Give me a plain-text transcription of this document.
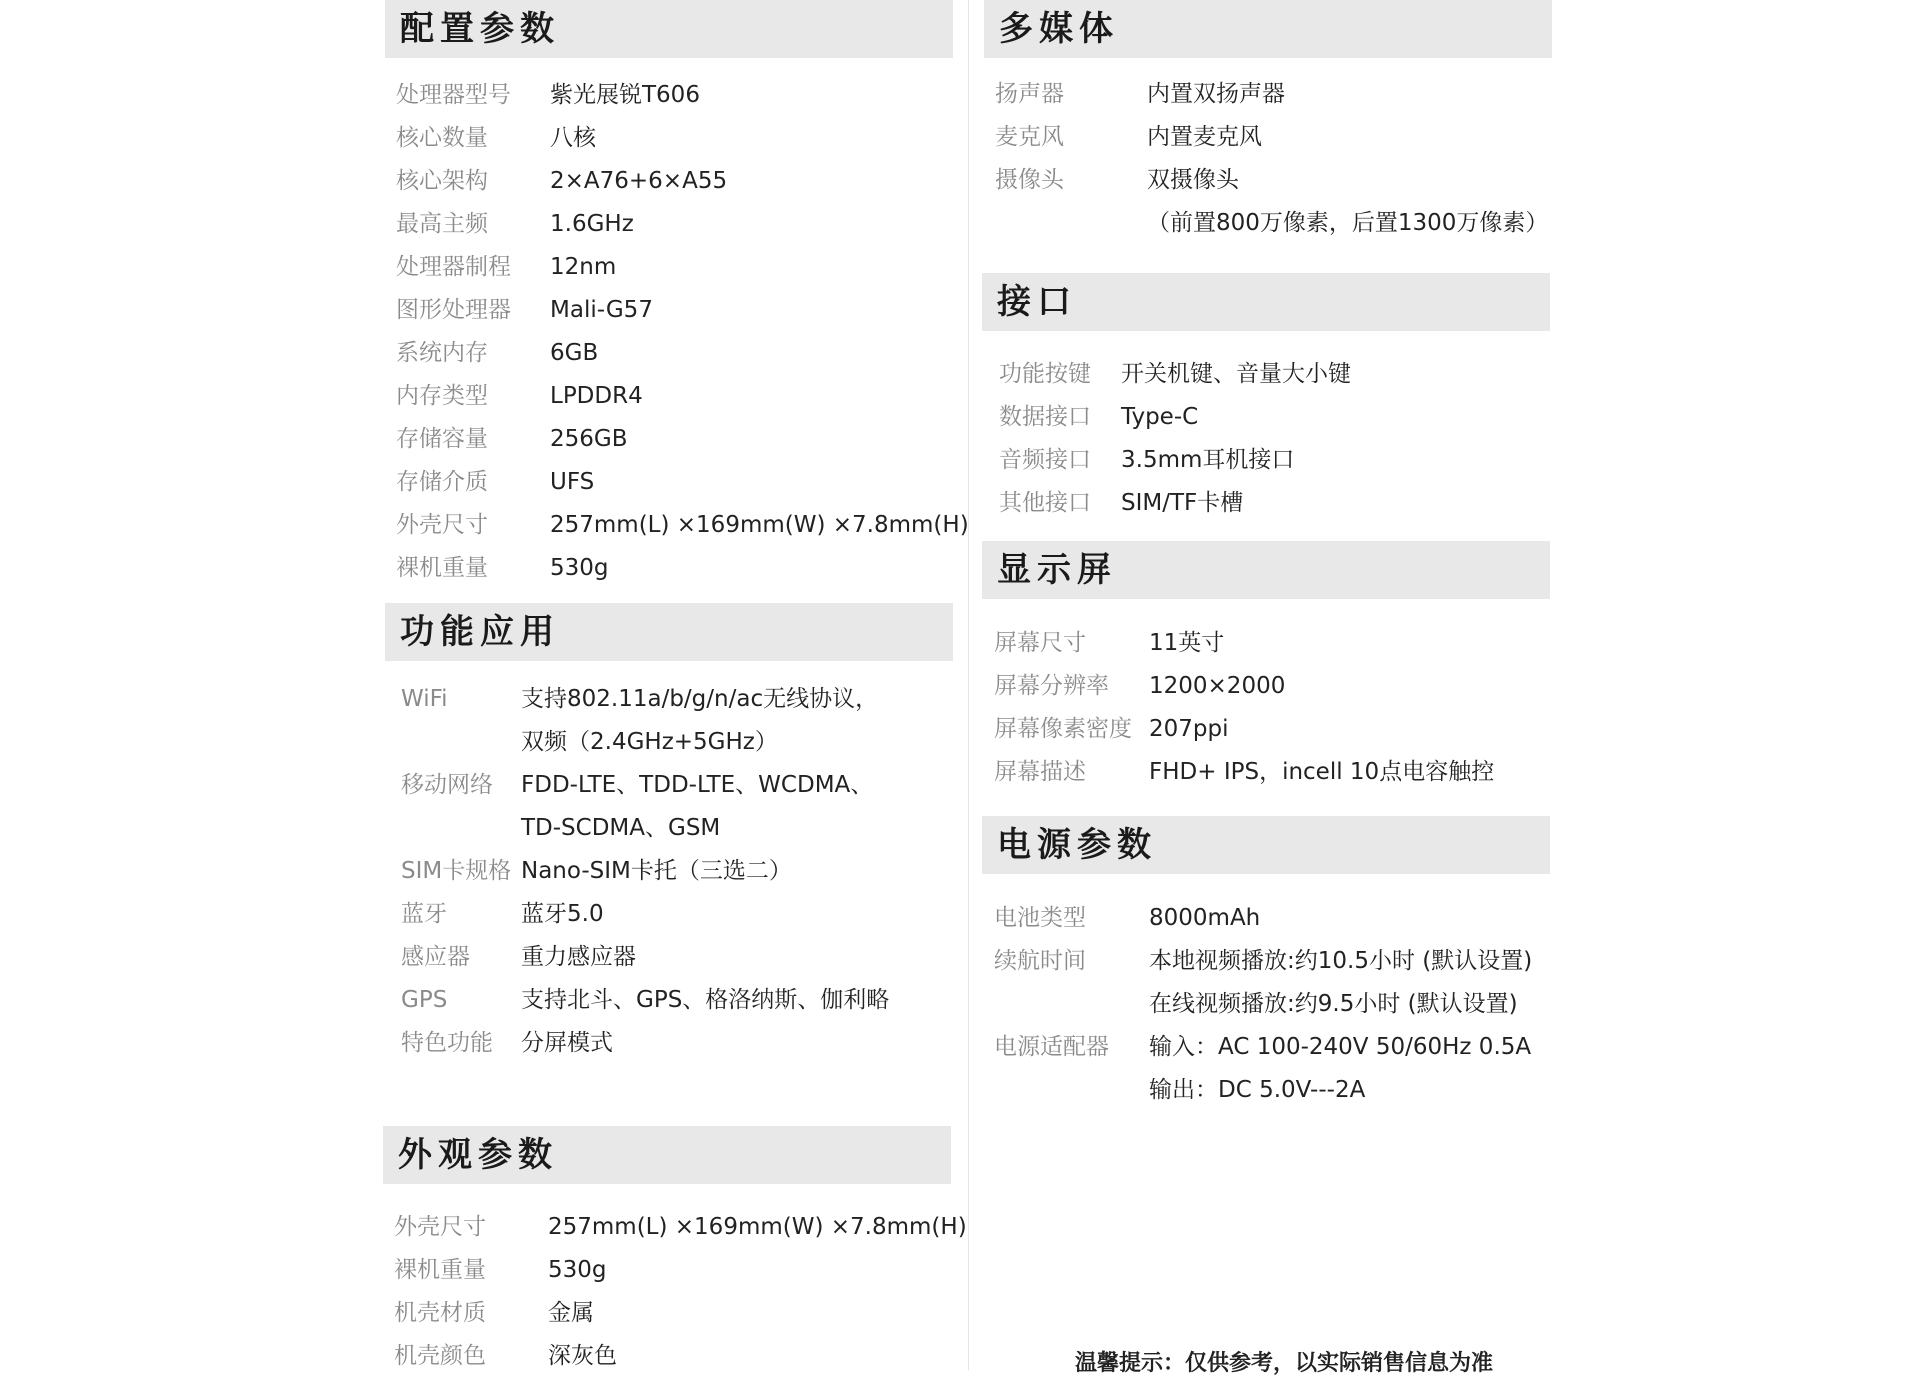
配置参数
处理器型号 紫光展锐T606
核心数量	八核
核心架构	2×A76+6×A55
最高主频	1.6GHz
处理器制程 12nm
图形处理器 Mali-G57
系统内存	6GB
内存类型	LPDDR4
存储容量	256GB
存储介质	UFS
外壳尺寸	257mm(L) ×169mm(W) ×7.8mm(H)
裸机重量	530g
功能应用
WiFi	支持802.11a/b/g/n/ac无线协议，
双频（2.4GHz+5GHz）
移动网络 FDD-LTE、TDD-LTE、WCDMA、
TD-SCDMA、GSM
SIM卡规格 Nano-SIM卡托（三选二）
蓝牙	蓝牙5.0
感应器 重力感应器
GPS	支持北斗、GPS、格洛纳斯、伽利略
特色功能 分屏模式
外观参数
外壳尺寸	257mm(L) ×169mm(W) ×7.8mm(H)
裸机重量	530g
机壳材质	金属
机壳颜色	深灰色
多媒体
扬声器	内置双扬声器
麦克风	内置麦克风
摄像头	双摄像头
（前置800万像素，后置1300万像素）
接口
功能按键 开关机键、音量大小键
数据接口 Type-C
音频接口 3.5mm耳机接口
其他接口 SIM/TF卡槽
显示屏
屏幕尺寸	11英寸
屏幕分辨率 1200×2000
屏幕像素密度 207ppi
屏幕描述	FHD+ IPS，incell 10点电容触控
电源参数
电池类型	8000mAh
续航时间	本地视频播放:约10.5小时 (默认设置)
在线视频播放:约9.5小时 (默认设置)
电源适配器 输入：AC 100-240V 50/60Hz 0.5A
输出：DC 5.0V---2A
温馨提示：仅供参考，以实际销售信息为准
